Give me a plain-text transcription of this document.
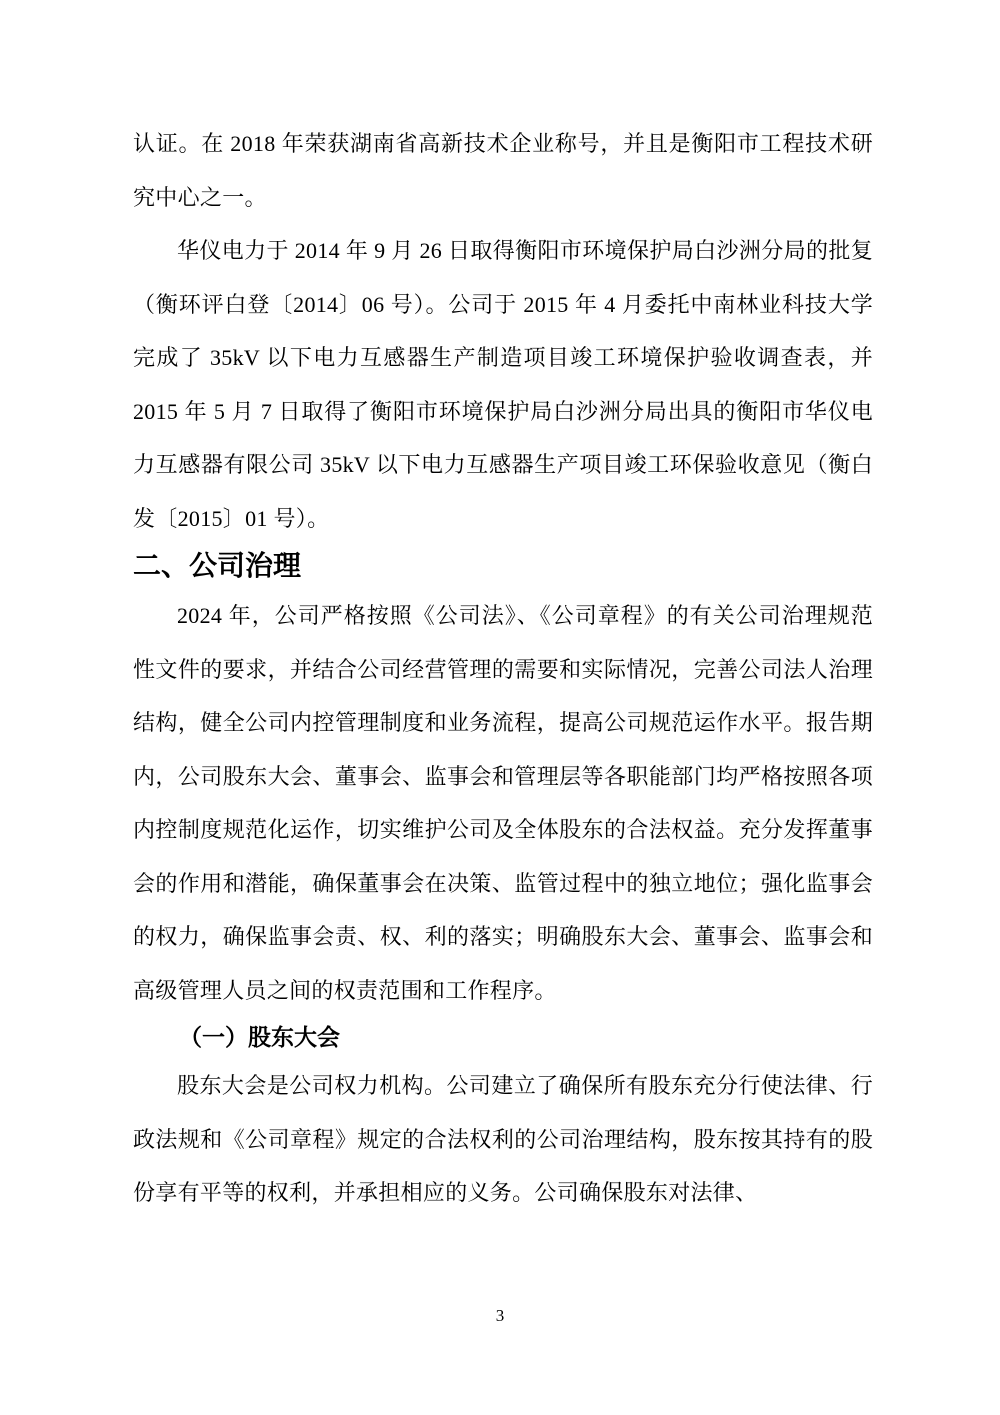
认证。在 2018 年荣获湖南省高新技术企业称号，并且是衡阳市工程技术研究中心之一。

华仪电力于 2014 年 9 月 26 日取得衡阳市环境保护局白沙洲分局的批复（衡环评白登〔2014〕06 号）。公司于 2015 年 4 月委托中南林业科技大学完成了 35kV 以下电力互感器生产制造项目竣工环境保护验收调查表，并 2015 年 5 月 7 日取得了衡阳市环境保护局白沙洲分局出具的衡阳市华仪电力互感器有限公司 35kV 以下电力互感器生产项目竣工环保验收意见（衡白发〔2015〕01 号）。

二、公司治理

2024 年，公司严格按照《公司法》、《公司章程》的有关公司治理规范性文件的要求，并结合公司经营管理的需要和实际情况，完善公司法人治理结构，健全公司内控管理制度和业务流程，提高公司规范运作水平。报告期内，公司股东大会、董事会、监事会和管理层等各职能部门均严格按照各项内控制度规范化运作，切实维护公司及全体股东的合法权益。充分发挥董事会的作用和潜能，确保董事会在决策、监管过程中的独立地位；强化监事会的权力，确保监事会责、权、利的落实；明确股东大会、董事会、监事会和高级管理人员之间的权责范围和工作程序。

（一）股东大会

股东大会是公司权力机构。公司建立了确保所有股东充分行使法律、行政法规和《公司章程》规定的合法权利的公司治理结构，股东按其持有的股份享有平等的权利，并承担相应的义务。公司确保股东对法律、

3
